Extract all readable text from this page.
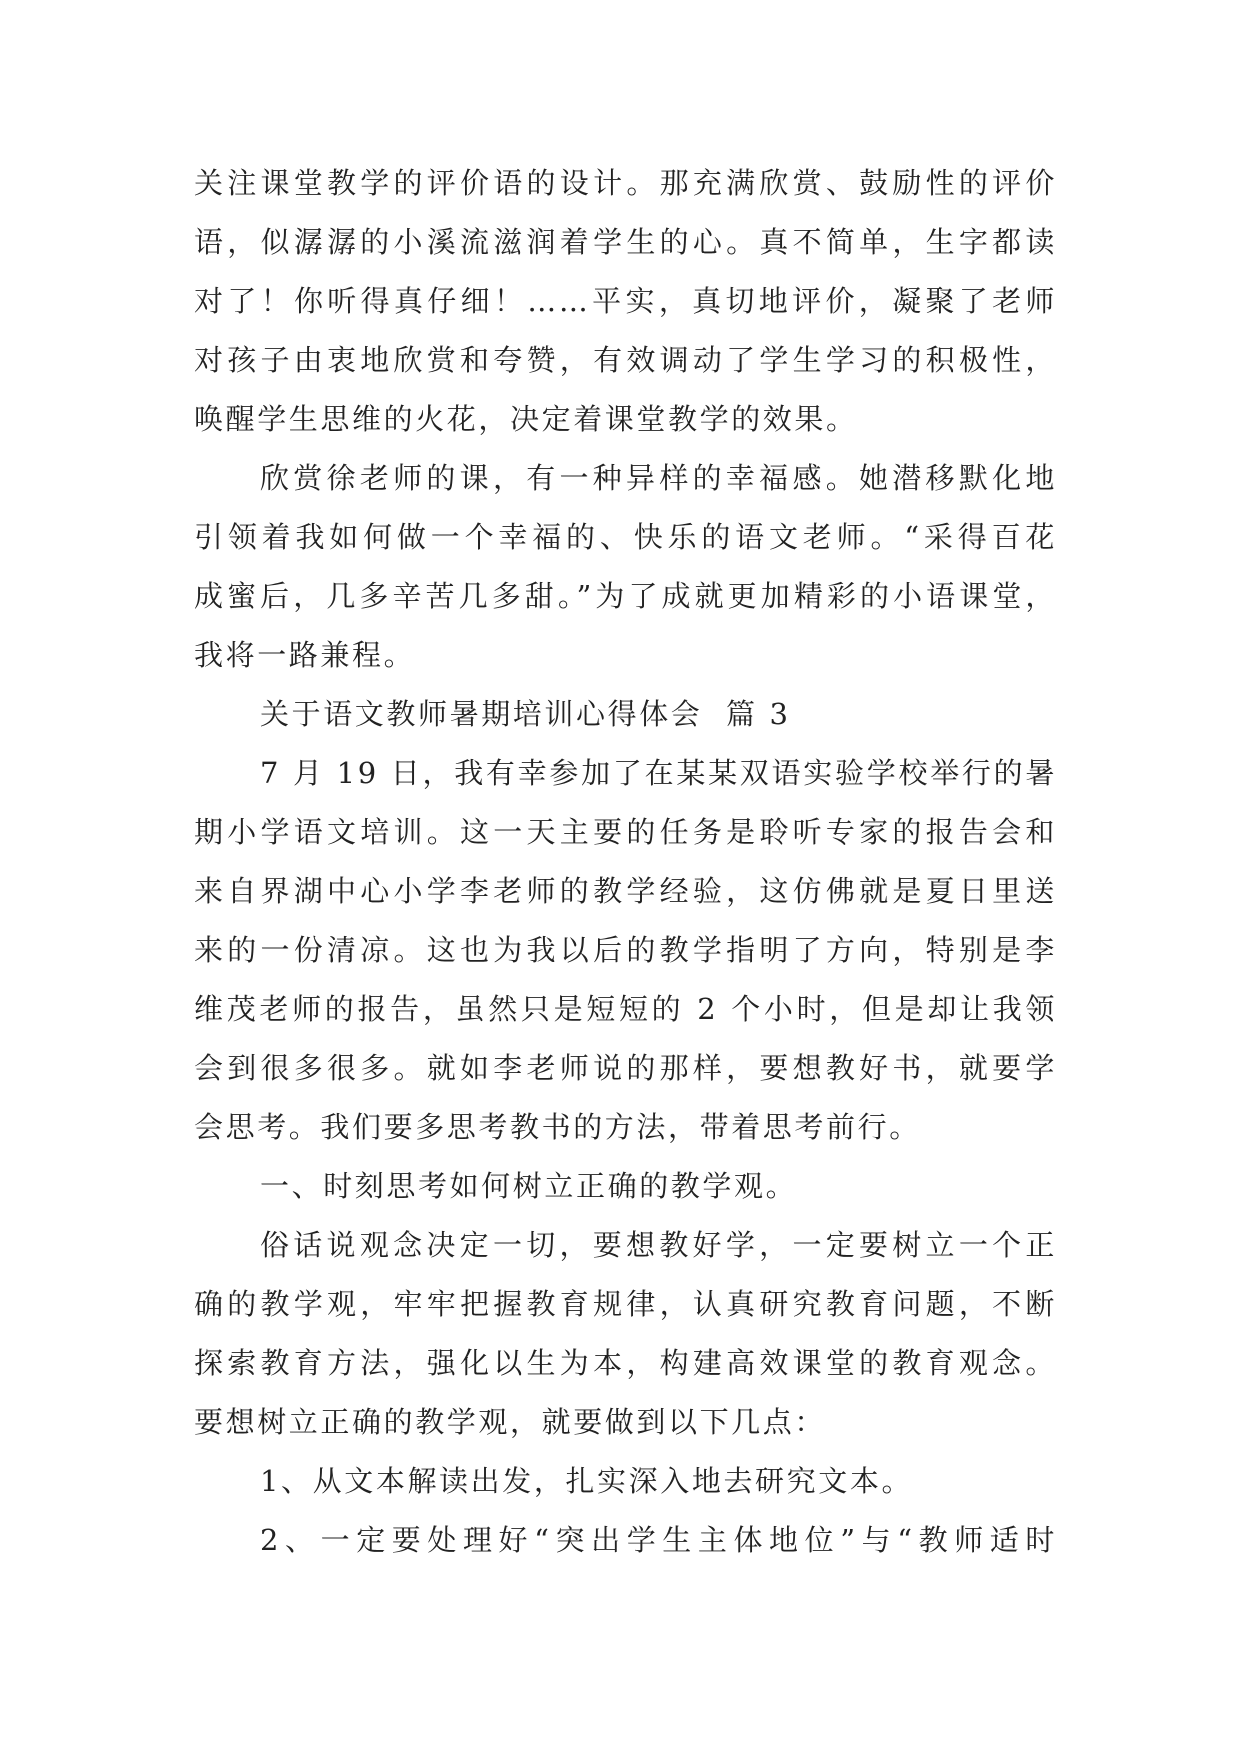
关注课堂教学的评价语的设计。那充满欣赏、鼓励性的评价
语，似潺潺的小溪流滋润着学生的心。真不简单，生字都读
对了！你听得真仔细！……平实，真切地评价，凝聚了老师
对孩子由衷地欣赏和夸赞，有效调动了学生学习的积极性，
唤醒学生思维的火花，决定着课堂教学的效果。
欣赏徐老师的课，有一种异样的幸福感。她潜移默化地
引领着我如何做一个幸福的、快乐的语文老师。“采得百花
成蜜后，几多辛苦几多甜。”为了成就更加精彩的小语课堂，
我将一路兼程。
关于语文教师暑期培训心得体会  篇 3
7 月 19 日，我有幸参加了在某某双语实验学校举行的暑
期小学语文培训。这一天主要的任务是聆听专家的报告会和
来自界湖中心小学李老师的教学经验，这仿佛就是夏日里送
来的一份清凉。这也为我以后的教学指明了方向，特别是李
维茂老师的报告，虽然只是短短的 2 个小时，但是却让我领
会到很多很多。就如李老师说的那样，要想教好书，就要学
会思考。我们要多思考教书的方法，带着思考前行。
一、时刻思考如何树立正确的教学观。
俗话说观念决定一切，要想教好学，一定要树立一个正
确的教学观，牢牢把握教育规律，认真研究教育问题，不断
探索教育方法，强化以生为本，构建高效课堂的教育观念。
要想树立正确的教学观，就要做到以下几点：
1、从文本解读出发，扎实深入地去研究文本。
2、一定要处理好“突出学生主体地位”与“教师适时
